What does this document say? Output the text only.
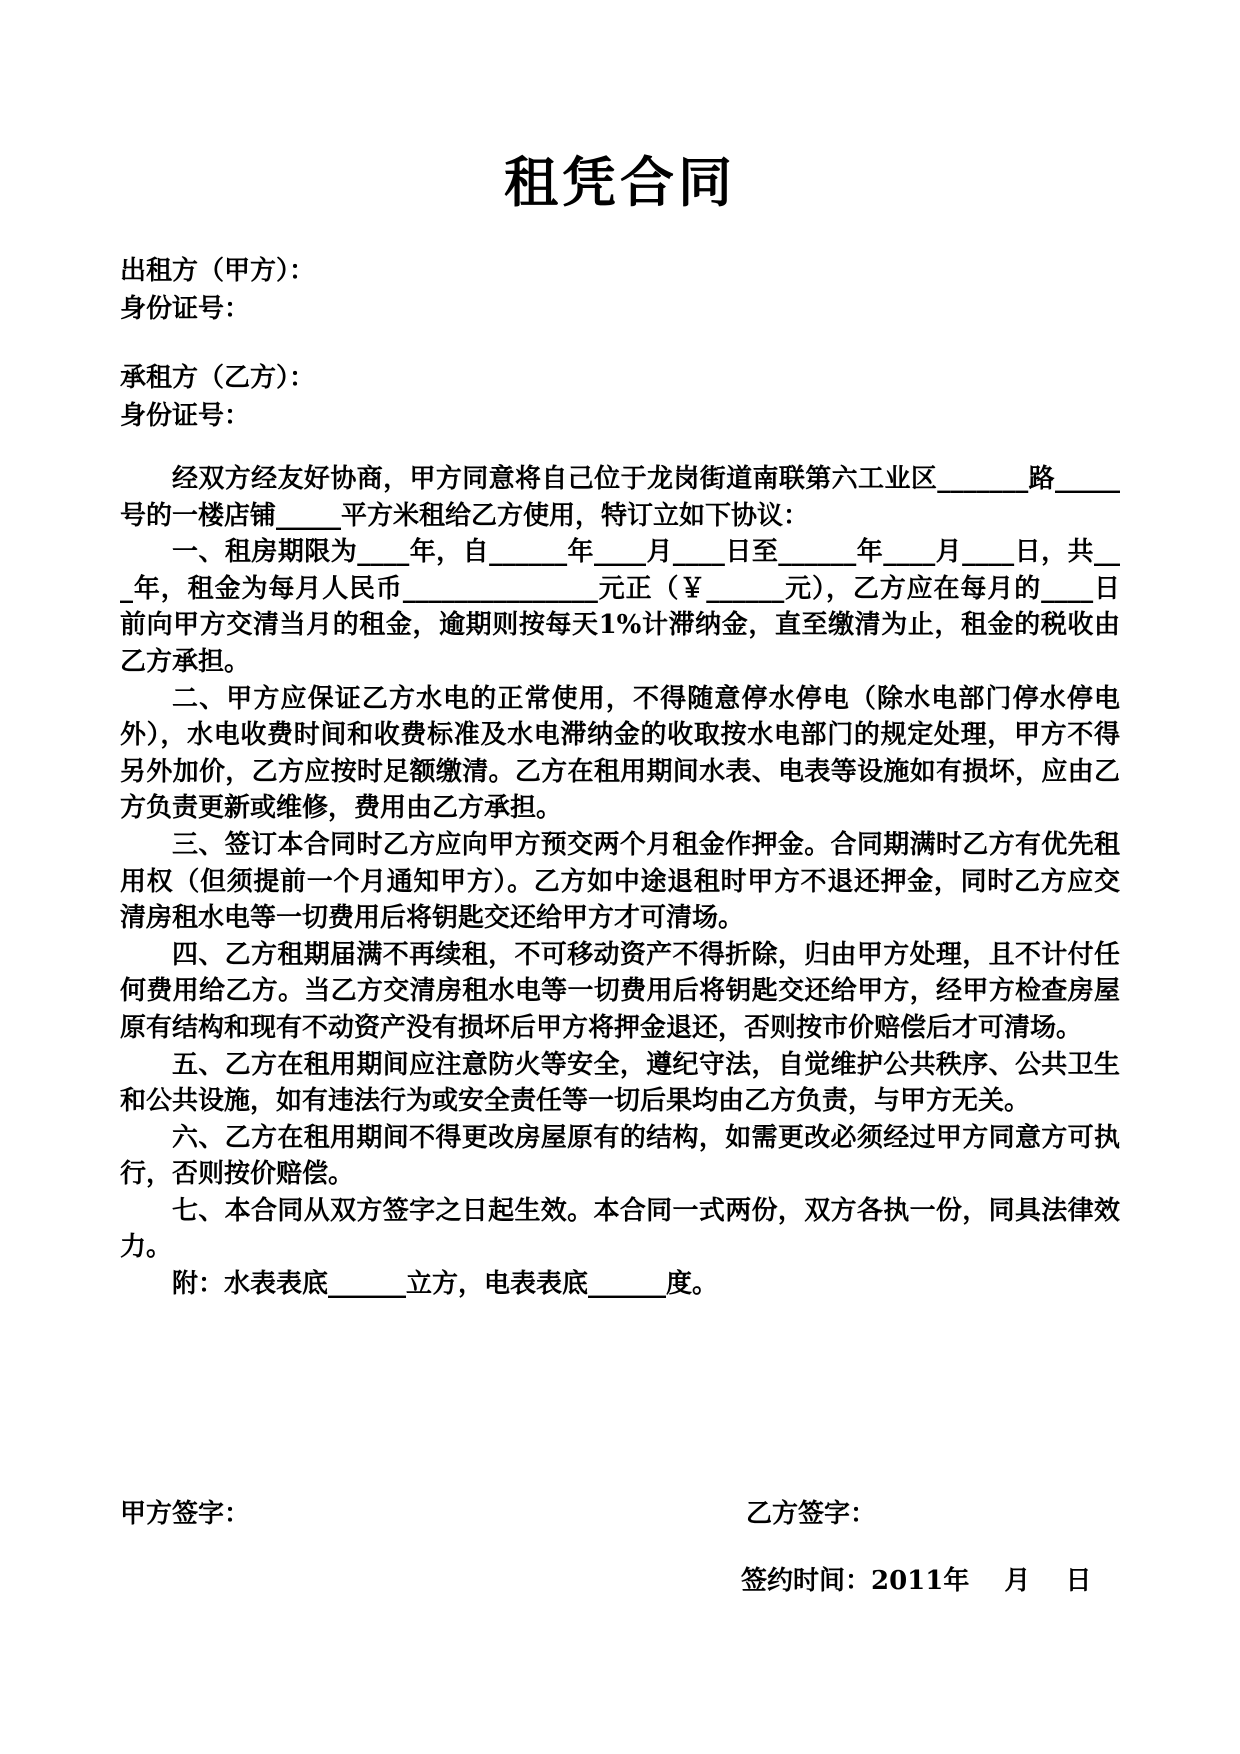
租凭合同
出租方（甲方）：
身份证号：
承租方（乙方）：
身份证号：

经双方经友好协商，甲方同意将自己位于龙岗街道南联第六工业区_______路_____号的一楼店铺_____平方米租给乙方使用，特订立如下协议：

一、租房期限为____年，自______年____月____日至______年____月____日，共___年，租金为每月人民币_______________元正（￥______元），乙方应在每月的____日前向甲方交清当月的租金，逾期则按每天1%计滞纳金，直至缴清为止，租金的税收由乙方承担。

二、甲方应保证乙方水电的正常使用，不得随意停水停电（除水电部门停水停电外），水电收费时间和收费标准及水电滞纳金的收取按水电部门的规定处理，甲方不得另外加价，乙方应按时足额缴清。乙方在租用期间水表、电表等设施如有损坏，应由乙方负责更新或维修，费用由乙方承担。

三、签订本合同时乙方应向甲方预交两个月租金作押金。合同期满时乙方有优先租用权（但须提前一个月通知甲方）。乙方如中途退租时甲方不退还押金，同时乙方应交清房租水电等一切费用后将钥匙交还给甲方才可清场。

四、乙方租期届满不再续租，不可移动资产不得折除，归由甲方处理，且不计付任何费用给乙方。当乙方交清房租水电等一切费用后将钥匙交还给甲方，经甲方检查房屋原有结构和现有不动资产没有损坏后甲方将押金退还，否则按市价赔偿后才可清场。

五、乙方在租用期间应注意防火等安全，遵纪守法，自觉维护公共秩序、公共卫生和公共设施，如有违法行为或安全责任等一切后果均由乙方负责，与甲方无关。

六、乙方在租用期间不得更改房屋原有的结构，如需更改必须经过甲方同意方可执行，否则按价赔偿。

七、本合同从双方签字之日起生效。本合同一式两份，双方各执一份，同具法律效力。

附：水表表底______立方，电表表底______度。

甲方签字：	乙方签字：
签约时间：2011年　 月　 日
